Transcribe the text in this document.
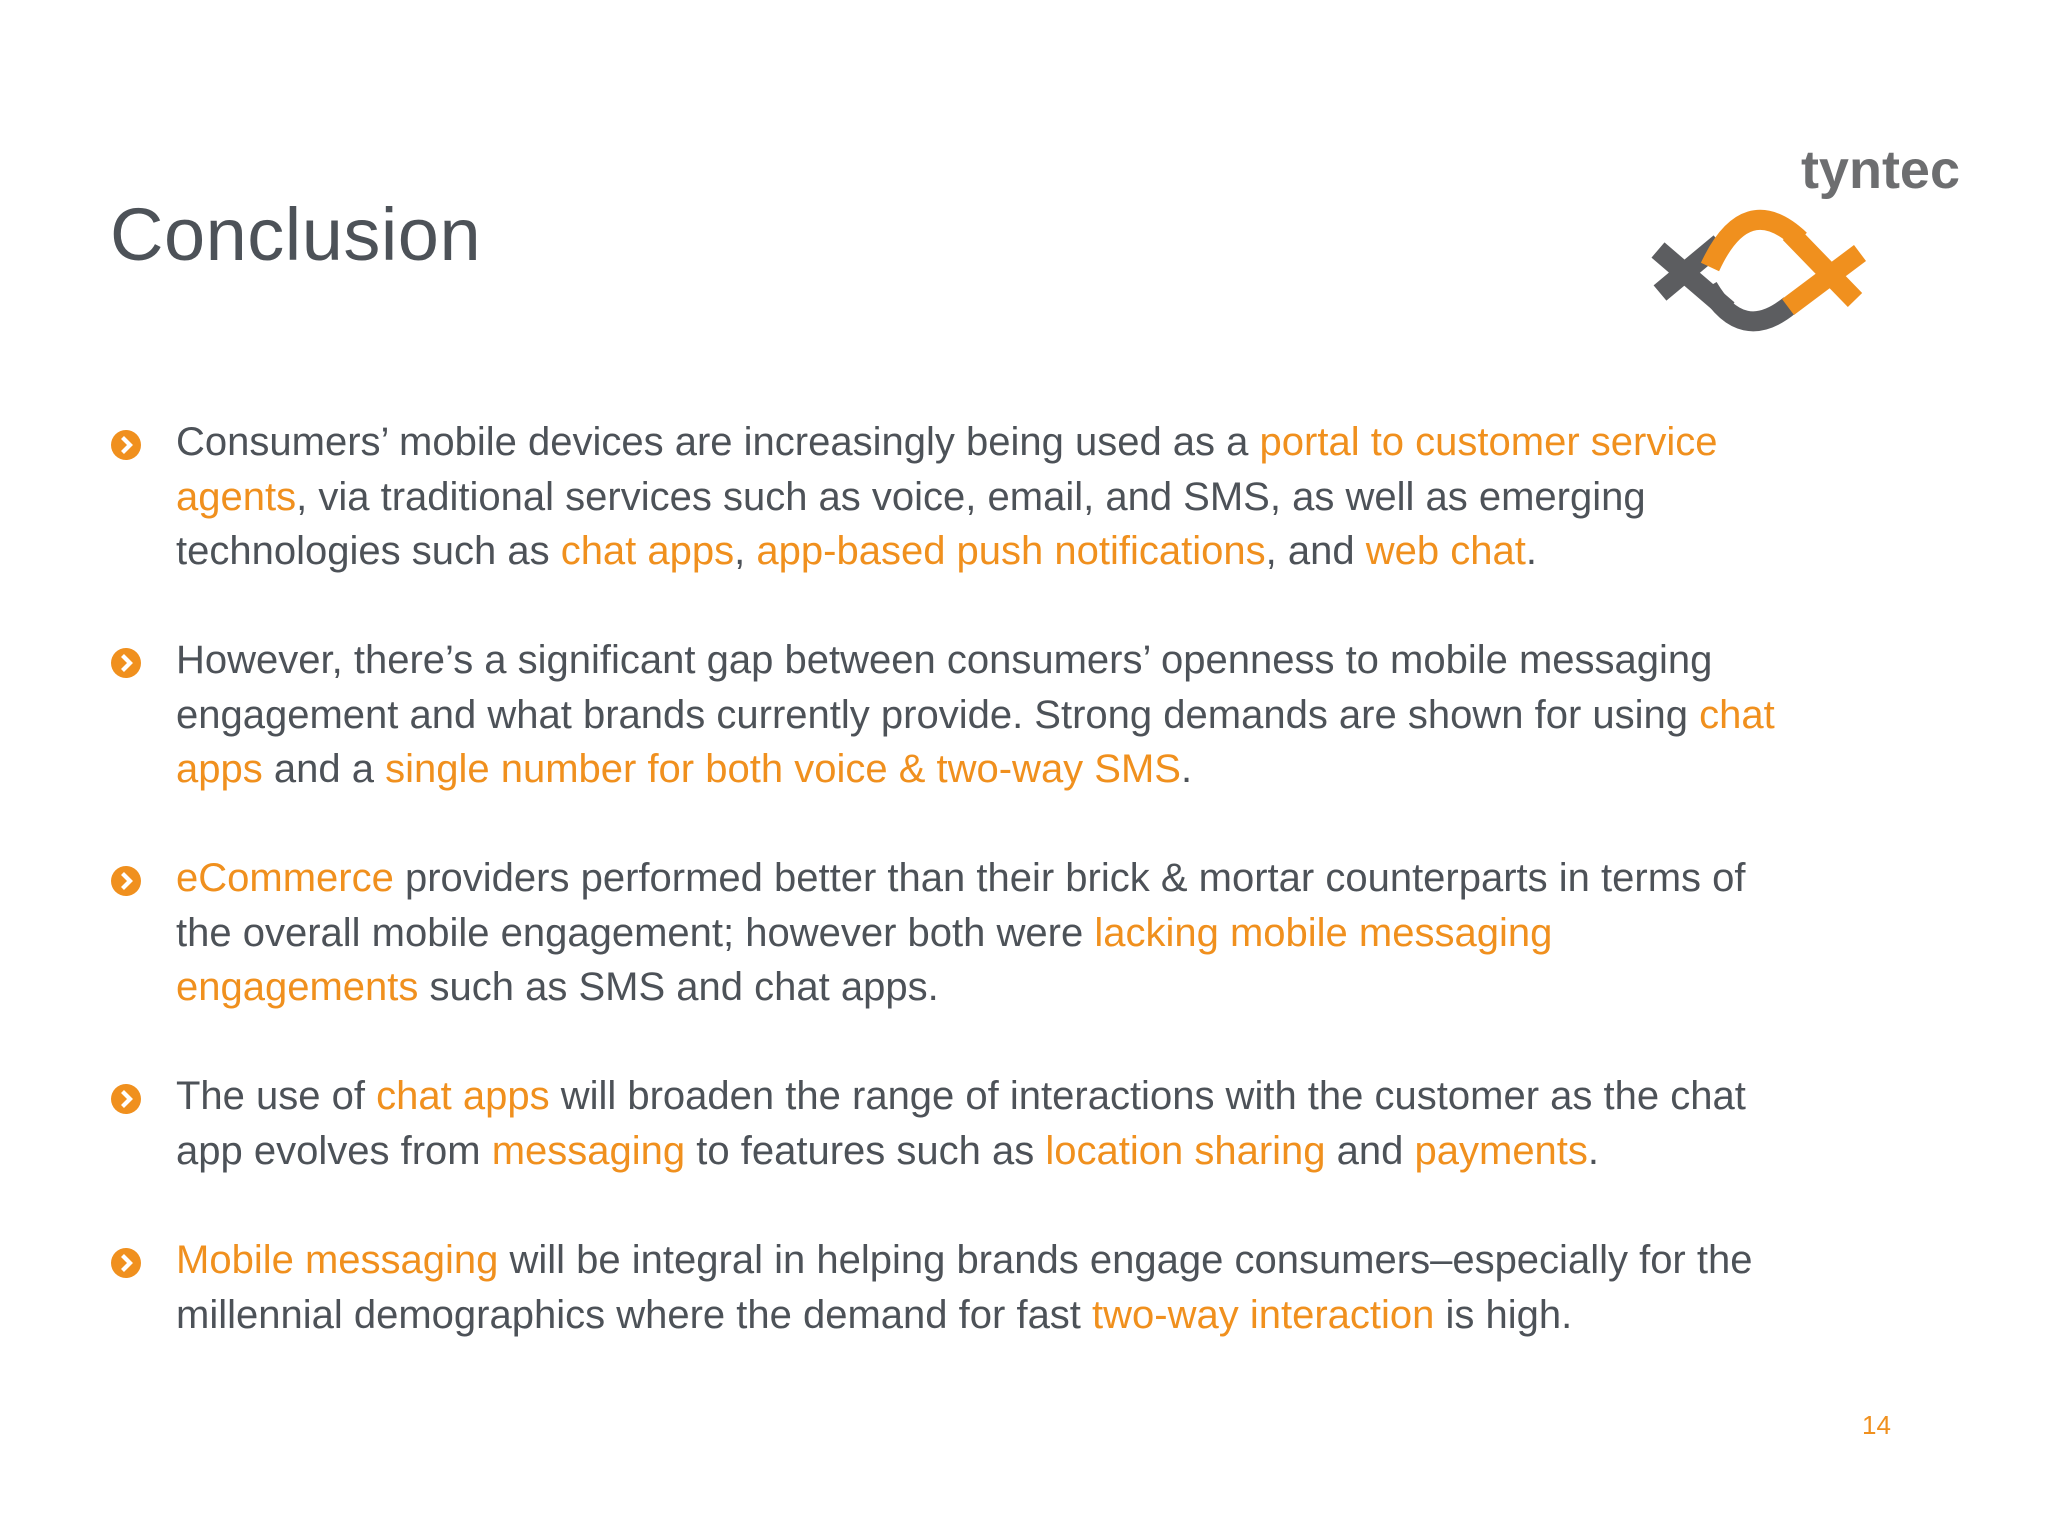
Conclusion
tyntec
Consumers’ mobile devices are increasingly being used as a portal to customer service agents, via traditional services such as voice, email, and SMS, as well as emerging technologies such as chat apps, app-based push notifications, and web chat.
However, there’s a significant gap between consumers’ openness to mobile messaging engagement and what brands currently provide. Strong demands are shown for using chat apps and a single number for both voice & two-way SMS.
eCommerce providers performed better than their brick & mortar counterparts in terms of the overall mobile engagement; however both were lacking mobile messaging engagements such as SMS and chat apps.
The use of chat apps will broaden the range of interactions with the customer as the chat app evolves from messaging to features such as location sharing and payments.
Mobile messaging will be integral in helping brands engage consumers–especially for the millennial demographics where the demand for fast two-way interaction is high.
14
